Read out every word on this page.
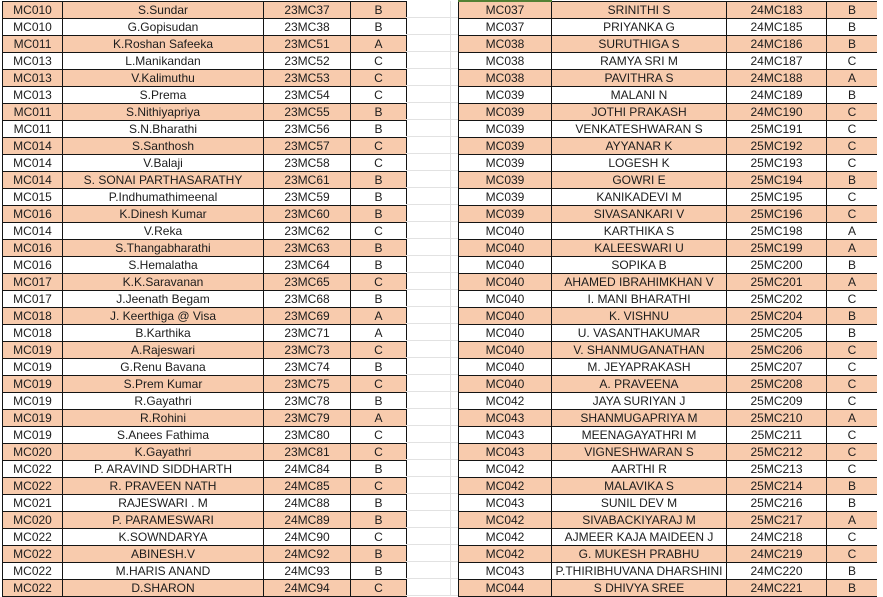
MC010	S.Sundar	23MC37	B
MC010	G.Gopisudan	23MC38	B
MC011	K.Roshan Safeeka	23MC51	A
MC013	L.Manikandan	23MC52	C
MC013	V.Kalimuthu	23MC53	C
MC013	S.Prema	23MC54	C
MC011	S.Nithiyapriya	23MC55	B
MC011	S.N.Bharathi	23MC56	B
MC014	S.Santhosh	23MC57	C
MC014	V.Balaji	23MC58	C
MC014	S. SONAI PARTHASARATHY	23MC61	B
MC015	P.Indhumathimeenal	23MC59	B
MC016	K.Dinesh Kumar	23MC60	B
MC014	V.Reka	23MC62	C
MC016	S.Thangabharathi	23MC63	B
MC016	S.Hemalatha	23MC64	B
MC017	K.K.Saravanan	23MC65	C
MC017	J.Jeenath Begam	23MC68	B
MC018	J. Keerthiga @ Visa	23MC69	A
MC018	B.Karthika	23MC71	A
MC019	A.Rajeswari	23MC73	C
MC019	G.Renu Bavana	23MC74	B
MC019	S.Prem Kumar	23MC75	C
MC019	R.Gayathri	23MC78	B
MC019	R.Rohini	23MC79	A
MC019	S.Anees Fathima	23MC80	C
MC020	K.Gayathri	23MC81	C
MC022	P. ARAVIND SIDDHARTH	24MC84	B
MC022	R. PRAVEEN NATH	24MC85	C
MC021	RAJESWARI . M	24MC88	B
MC020	P. PARAMESWARI	24MC89	B
MC022	K.SOWNDARYA	24MC90	C
MC022	ABINESH.V	24MC92	B
MC022	M.HARIS ANAND	24MC93	B
MC022	D.SHARON	24MC94	C
MC037	SRINITHI S	24MC183	B
MC037	PRIYANKA G	24MC185	B
MC038	SURUTHIGA S	24MC186	B
MC038	RAMYA SRI M	24MC187	C
MC038	PAVITHRA S	24MC188	A
MC039	MALANI N	24MC189	B
MC039	JOTHI PRAKASH	24MC190	C
MC039	VENKATESHWARAN S	25MC191	C
MC039	AYYANAR K	25MC192	C
MC039	LOGESH K	25MC193	C
MC039	GOWRI E	25MC194	B
MC039	KANIKADEVI M	25MC195	C
MC039	SIVASANKARI V	25MC196	C
MC040	KARTHIKA S	25MC198	A
MC040	KALEESWARI U	25MC199	A
MC040	SOPIKA B	25MC200	B
MC040	AHAMED IBRAHIMKHAN V	25MC201	A
MC040	I. MANI BHARATHI	25MC202	C
MC040	K. VISHNU	25MC204	B
MC040	U. VASANTHAKUMAR	25MC205	B
MC040	V. SHANMUGANATHAN	25MC206	C
MC040	M. JEYAPRAKASH	25MC207	C
MC040	A. PRAVEENA	25MC208	C
MC042	JAYA SURIYAN J	25MC209	C
MC043	SHANMUGAPRIYA M	25MC210	A
MC043	MEENAGAYATHRI M	25MC211	C
MC043	VIGNESHWARAN S	25MC212	C
MC042	AARTHI R	25MC213	C
MC042	MALAVIKA S	25MC214	B
MC043	SUNIL DEV M	25MC216	B
MC042	SIVABACKIYARAJ M	25MC217	A
MC042	AJMEER KAJA MAIDEEN J	24MC218	C
MC042	G. MUKESH PRABHU	24MC219	C
MC043	P.THIRIBHUVANA DHARSHINI	24MC220	B
MC044	S DHIVYA SREE	24MC221	B
